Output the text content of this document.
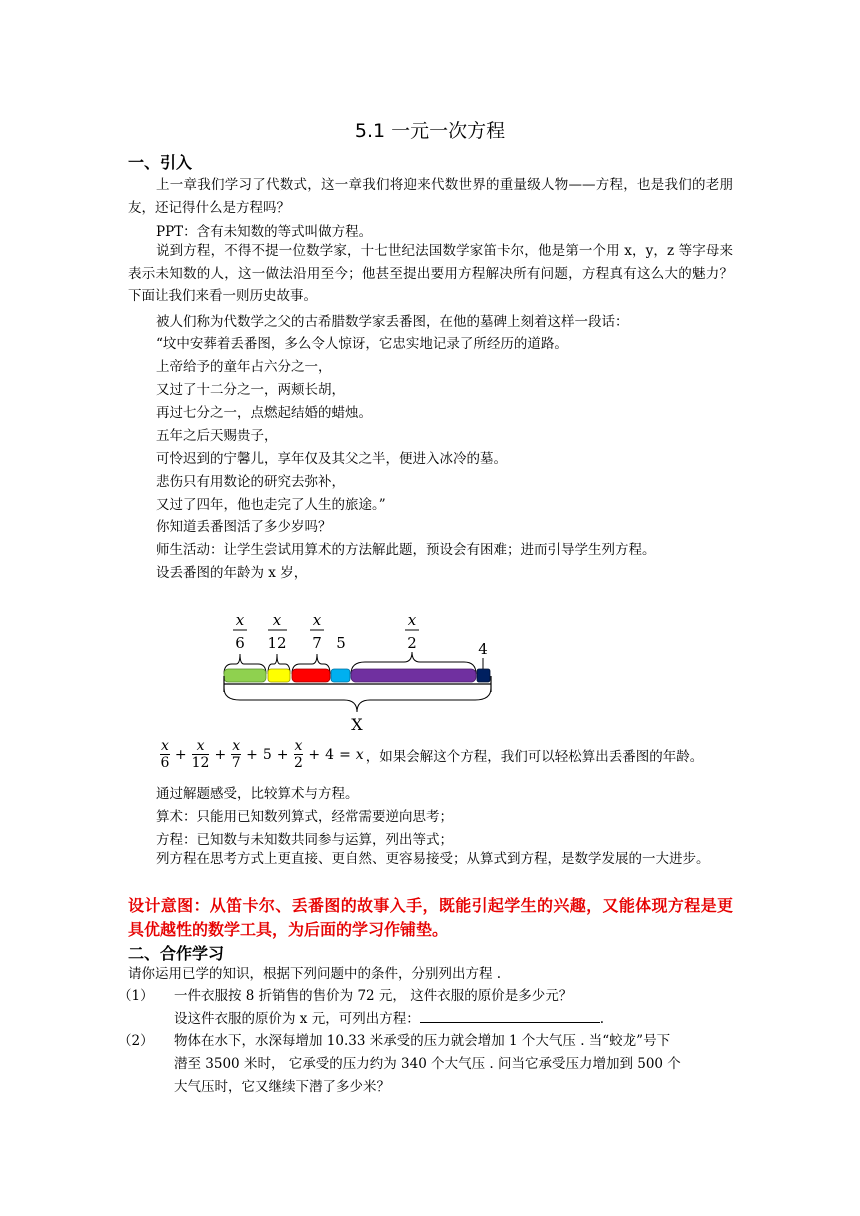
5.1 一元一次方程
一、引入

上一章我们学习了代数式，这一章我们将迎来代数世界的重量级人物——方程，也是我们的老朋友，还记得什么是方程吗？

PPT：含有未知数的等式叫做方程。

说到方程，不得不提一位数学家，十七世纪法国数学家笛卡尔，他是第一个用 x，y，z 等字母来表示未知数的人，这一做法沿用至今；他甚至提出要用方程解决所有问题，方程真有这么大的魅力？下面让我们来看一则历史故事。

被人们称为代数学之父的古希腊数学家丢番图，在他的墓碑上刻着这样一段话：
“坟中安葬着丢番图，多么令人惊讶，它忠实地记录了所经历的道路。
上帝给予的童年占六分之一，
又过了十二分之一，两颊长胡，
再过七分之一，点燃起结婚的蜡烛。
五年之后天赐贵子，
可怜迟到的宁馨儿，享年仅及其父之半，便进入冰冷的墓。
悲伤只有用数论的研究去弥补，
又过了四年，他也走完了人生的旅途。”
你知道丢番图活了多少岁吗？
师生活动：让学生尝试用算术的方法解此题，预设会有困难；进而引导学生列方程。
设丢番图的年龄为 x 岁，
x
6
x
12
x
7 5
x
2	4
X
$\frac{x}{6} + \frac{x}{12} + \frac{x}{7} + 5 + \frac{x}{2} + 4 = x$ ，如果会解这个方程，我们可以轻松算出丢番图的年龄。
通过解题感受，比较算术与方程。
算术：只能用已知数列算式，经常需要逆向思考；
方程：已知数与未知数共同参与运算，列出等式；

列方程在思考方式上更直接、更自然、更容易接受；从算式到方程，是数学发展的一大进步。

设计意图：从笛卡尔、丢番图的故事入手，既能引起学生的兴趣，又能体现方程是更具优越性的数学工具，为后面的学习作铺垫。

二、合作学习
请你运用已学的知识，根据下列问题中的条件，分别列出方程 .
（1） 一件衣服按 8 折销售的售价为 72 元， 这件衣服的原价是多少元？
设这件衣服的原价为 x 元，可列出方程：	.
（2） 物体在水下，水深每增加 10.33 米承受的压力就会增加 1 个大气压 . 当“蛟龙”号下
潜至 3500 米时， 它承受的压力约为 340 个大气压 . 问当它承受压力增加到 500 个
大气压时，它又继续下潜了多少米？
